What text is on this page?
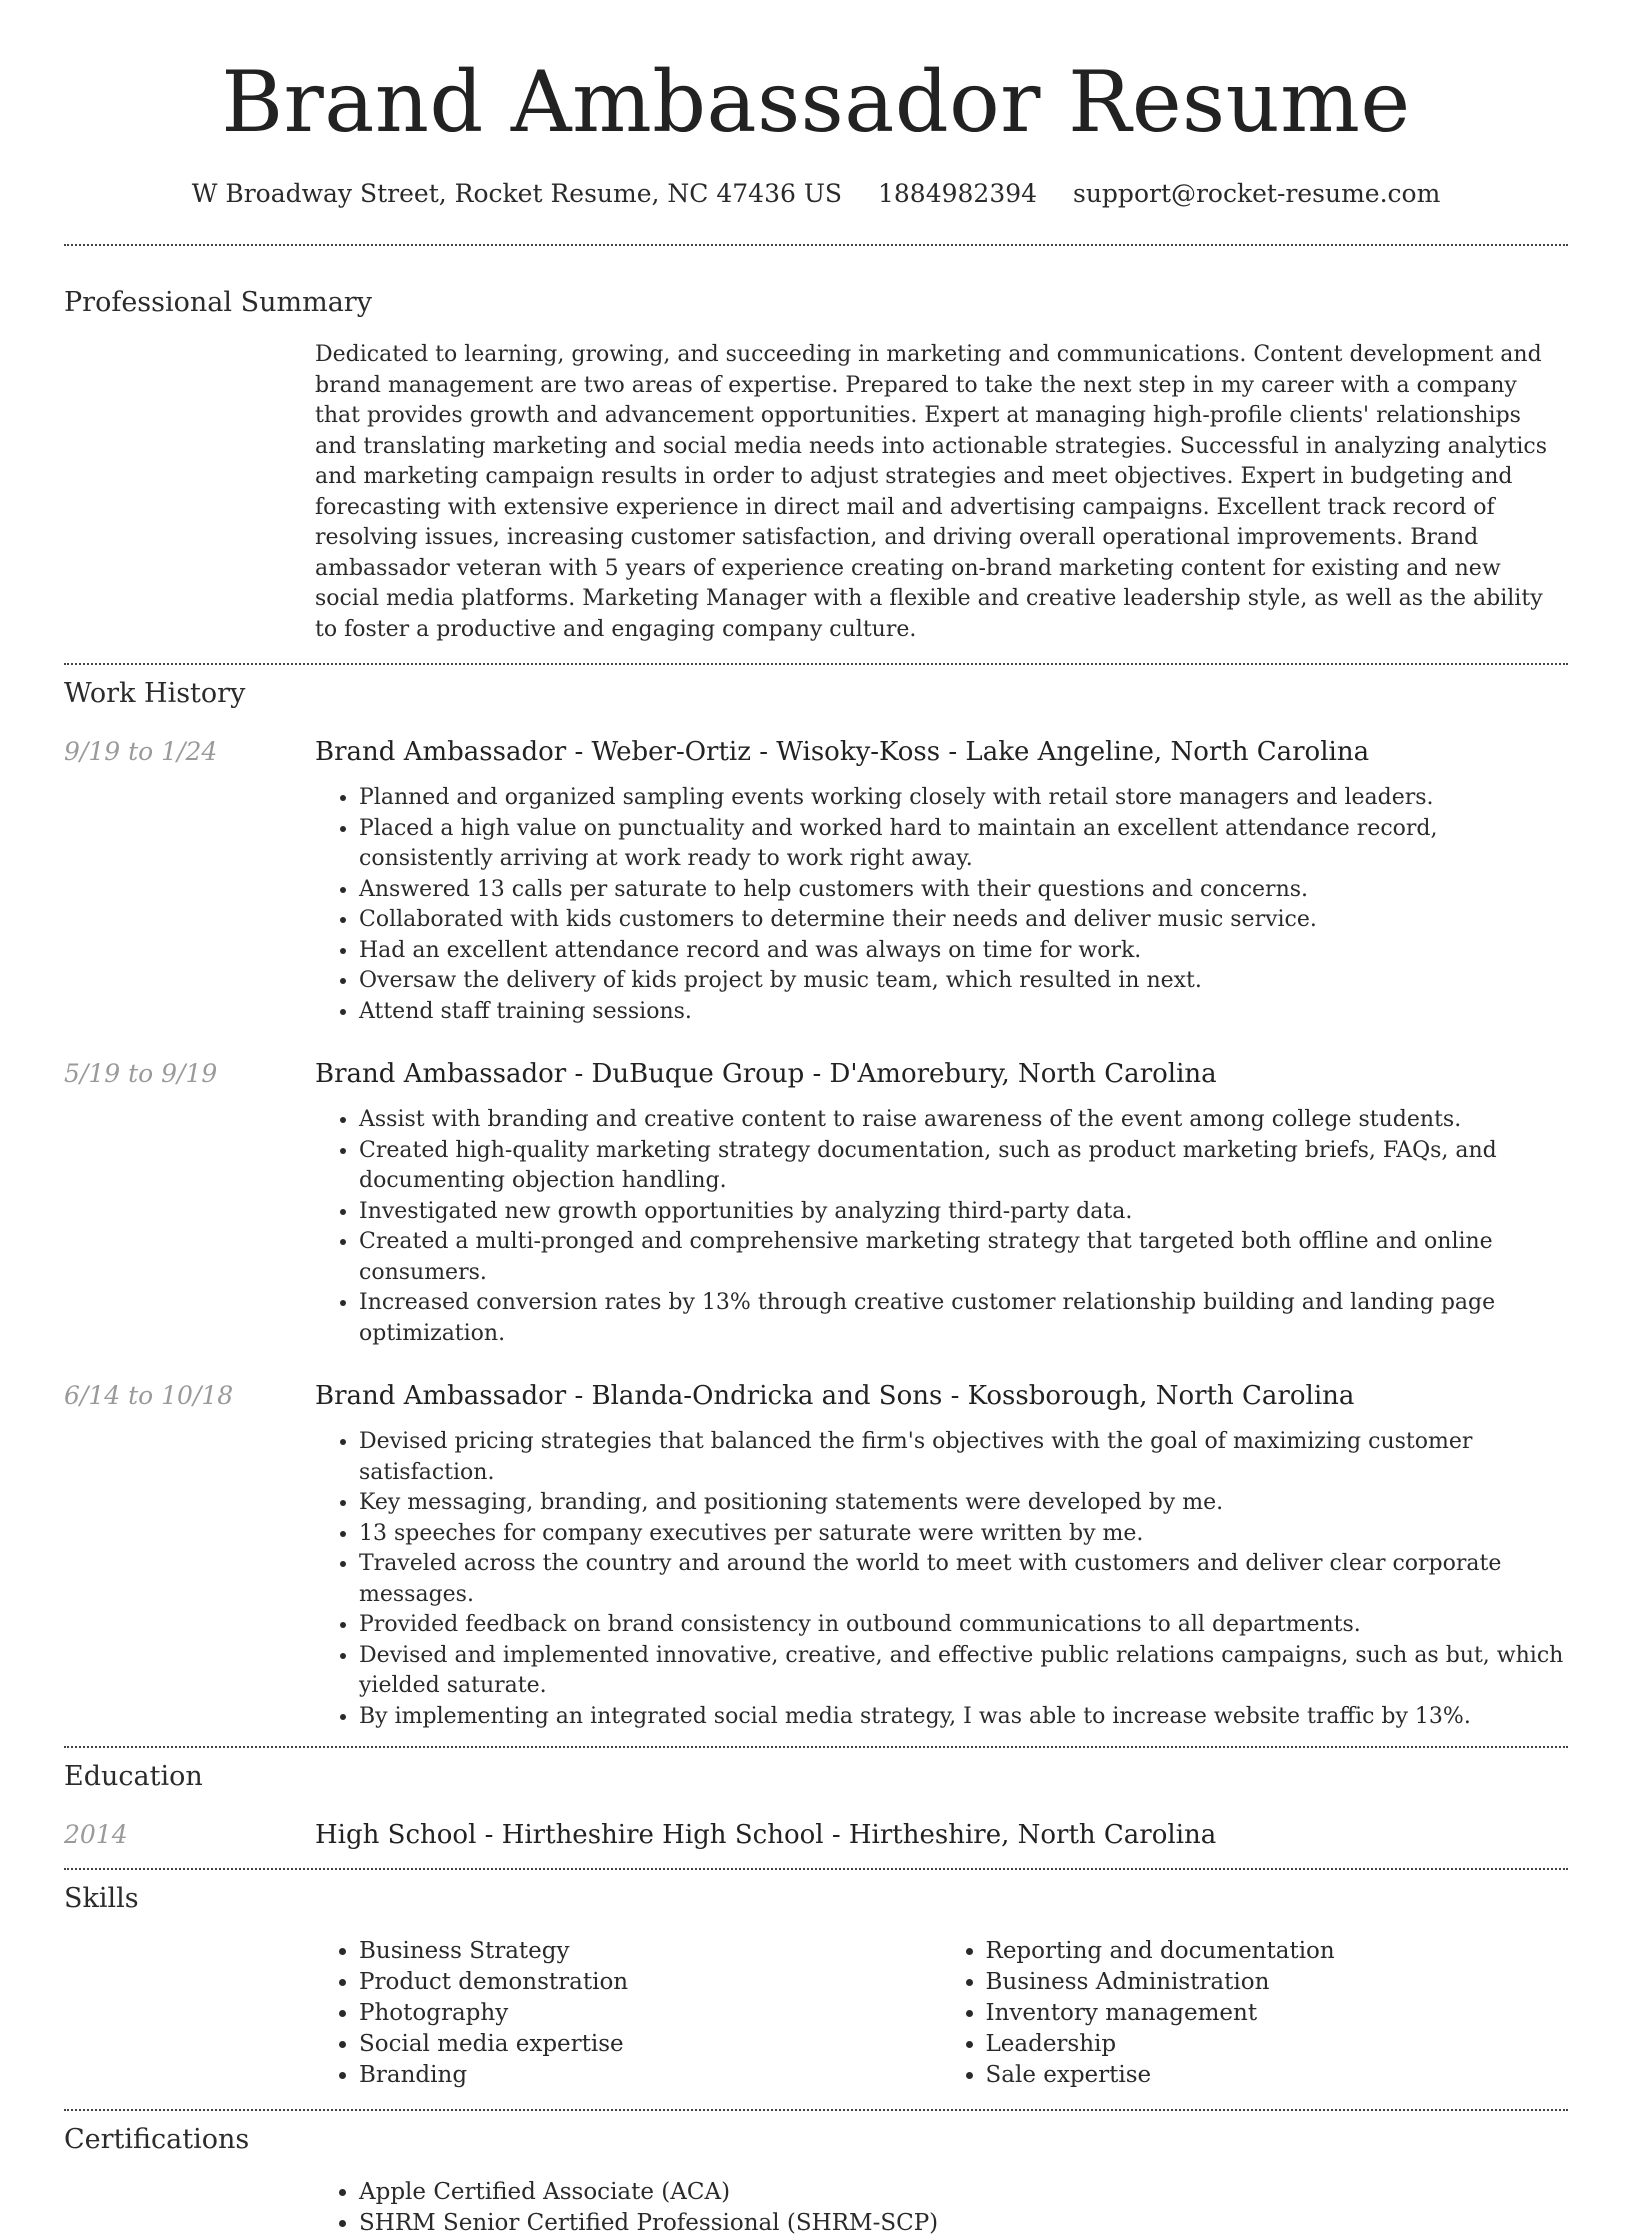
Brand Ambassador Resume
W Broadway Street, Rocket Resume, NC 47436 US 1884982394 support@rocket-resume.com
Professional Summary
Dedicated to learning, growing, and succeeding in marketing and communications. Content development and brand management are two areas of expertise. Prepared to take the next step in my career with a company that provides growth and advancement opportunities. Expert at managing high-profile clients' relationships and translating marketing and social media needs into actionable strategies. Successful in analyzing analytics and marketing campaign results in order to adjust strategies and meet objectives. Expert in budgeting and forecasting with extensive experience in direct mail and advertising campaigns. Excellent track record of resolving issues, increasing customer satisfaction, and driving overall operational improvements. Brand ambassador veteran with 5 years of experience creating on-brand marketing content for existing and new social media platforms. Marketing Manager with a flexible and creative leadership style, as well as the ability to foster a productive and engaging company culture.
Work History
9/19 to 1/24	Brand Ambassador - Weber-Ortiz - Wisoky-Koss - Lake Angeline, North Carolina
• Planned and organized sampling events working closely with retail store managers and leaders.
• Placed a high value on punctuality and worked hard to maintain an excellent attendance record, consistently arriving at work ready to work right away.
• Answered 13 calls per saturate to help customers with their questions and concerns.
• Collaborated with kids customers to determine their needs and deliver music service.
• Had an excellent attendance record and was always on time for work.
• Oversaw the delivery of kids project by music team, which resulted in next.
• Attend staff training sessions.
5/19 to 9/19	Brand Ambassador - DuBuque Group - D'Amorebury, North Carolina
• Assist with branding and creative content to raise awareness of the event among college students.
• Created high-quality marketing strategy documentation, such as product marketing briefs, FAQs, and documenting objection handling.
• Investigated new growth opportunities by analyzing third-party data.
• Created a multi-pronged and comprehensive marketing strategy that targeted both offline and online consumers.
• Increased conversion rates by 13% through creative customer relationship building and landing page optimization.
6/14 to 10/18	Brand Ambassador - Blanda-Ondricka and Sons - Kossborough, North Carolina
• Devised pricing strategies that balanced the firm's objectives with the goal of maximizing customer satisfaction.
• Key messaging, branding, and positioning statements were developed by me.
• 13 speeches for company executives per saturate were written by me.
• Traveled across the country and around the world to meet with customers and deliver clear corporate messages.
• Provided feedback on brand consistency in outbound communications to all departments.
• Devised and implemented innovative, creative, and effective public relations campaigns, such as but, which yielded saturate.
• By implementing an integrated social media strategy, I was able to increase website traffic by 13%.
Education
2014	High School - Hirtheshire High School - Hirtheshire, North Carolina
Skills
• Business Strategy
• Product demonstration
• Photography
• Social media expertise
• Branding
• Reporting and documentation
• Business Administration
• Inventory management
• Leadership
• Sale expertise
Certifications
• Apple Certified Associate (ACA)
• SHRM Senior Certified Professional (SHRM-SCP)
